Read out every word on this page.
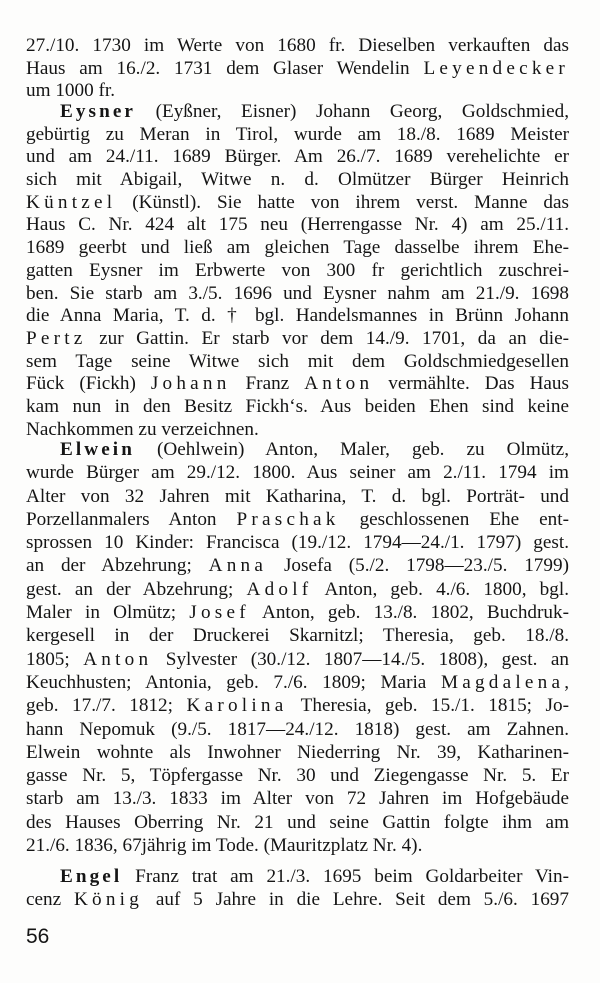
27./10. 1730 im Werte von 1680 fr. Dieselben verkauften das
Haus am 16./2. 1731 dem Glaser Wendelin Leyendecker
um 1000 fr.
Eysner (Eyßner, Eisner) Johann Georg, Goldschmied,
gebürtig zu Meran in Tirol, wurde am 18./8. 1689 Meister
und am 24./11. 1689 Bürger. Am 26./7. 1689 verehelichte er
sich mit Abigail, Witwe n. d. Olmützer Bürger Heinrich
Küntzel (Künstl). Sie hatte von ihrem verst. Manne das
Haus C. Nr. 424 alt 175 neu (Herrengasse Nr. 4) am 25./11.
1689 geerbt und ließ am gleichen Tage dasselbe ihrem Ehe-
gatten Eysner im Erbwerte von 300 fr gerichtlich zuschrei-
ben. Sie starb am 3./5. 1696 und Eysner nahm am 21./9. 1698
die Anna Maria, T. d. † bgl. Handelsmannes in Brünn Johann
Pertz zur Gattin. Er starb vor dem 14./9. 1701, da an die-
sem Tage seine Witwe sich mit dem Goldschmiedgesellen
Fück (Fickh) Johann Franz Anton vermählte. Das Haus
kam nun in den Besitz Fickh‘s. Aus beiden Ehen sind keine
Nachkommen zu verzeichnen.
Elwein (Oehlwein) Anton, Maler, geb. zu Olmütz,
wurde Bürger am 29./12. 1800. Aus seiner am 2./11. 1794 im
Alter von 32 Jahren mit Katharina, T. d. bgl. Porträt- und
Porzellanmalers Anton Praschak geschlossenen Ehe ent-
sprossen 10 Kinder: Francisca (19./12. 1794—24./1. 1797) gest.
an der Abzehrung; Anna Josefa (5./2. 1798—23./5. 1799)
gest. an der Abzehrung; Adolf Anton, geb. 4./6. 1800, bgl.
Maler in Olmütz; Josef Anton, geb. 13./8. 1802, Buchdruk-
kergesell in der Druckerei Skarnitzl; Theresia, geb. 18./8.
1805; Anton Sylvester (30./12. 1807—14./5. 1808), gest. an
Keuchhusten; Antonia, geb. 7./6. 1809; Maria Magdalena,
geb. 17./7. 1812; Karolina Theresia, geb. 15./1. 1815; Jo-
hann Nepomuk (9./5. 1817—24./12. 1818) gest. am Zahnen.
Elwein wohnte als Inwohner Niederring Nr. 39, Katharinen-
gasse Nr. 5, Töpfergasse Nr. 30 und Ziegengasse Nr. 5. Er
starb am 13./3. 1833 im Alter von 72 Jahren im Hofgebäude
des Hauses Oberring Nr. 21 und seine Gattin folgte ihm am
21./6. 1836, 67jährig im Tode. (Mauritzplatz Nr. 4).
Engel Franz trat am 21./3. 1695 beim Goldarbeiter Vin-
cenz König auf 5 Jahre in die Lehre. Seit dem 5./6. 1697
56
